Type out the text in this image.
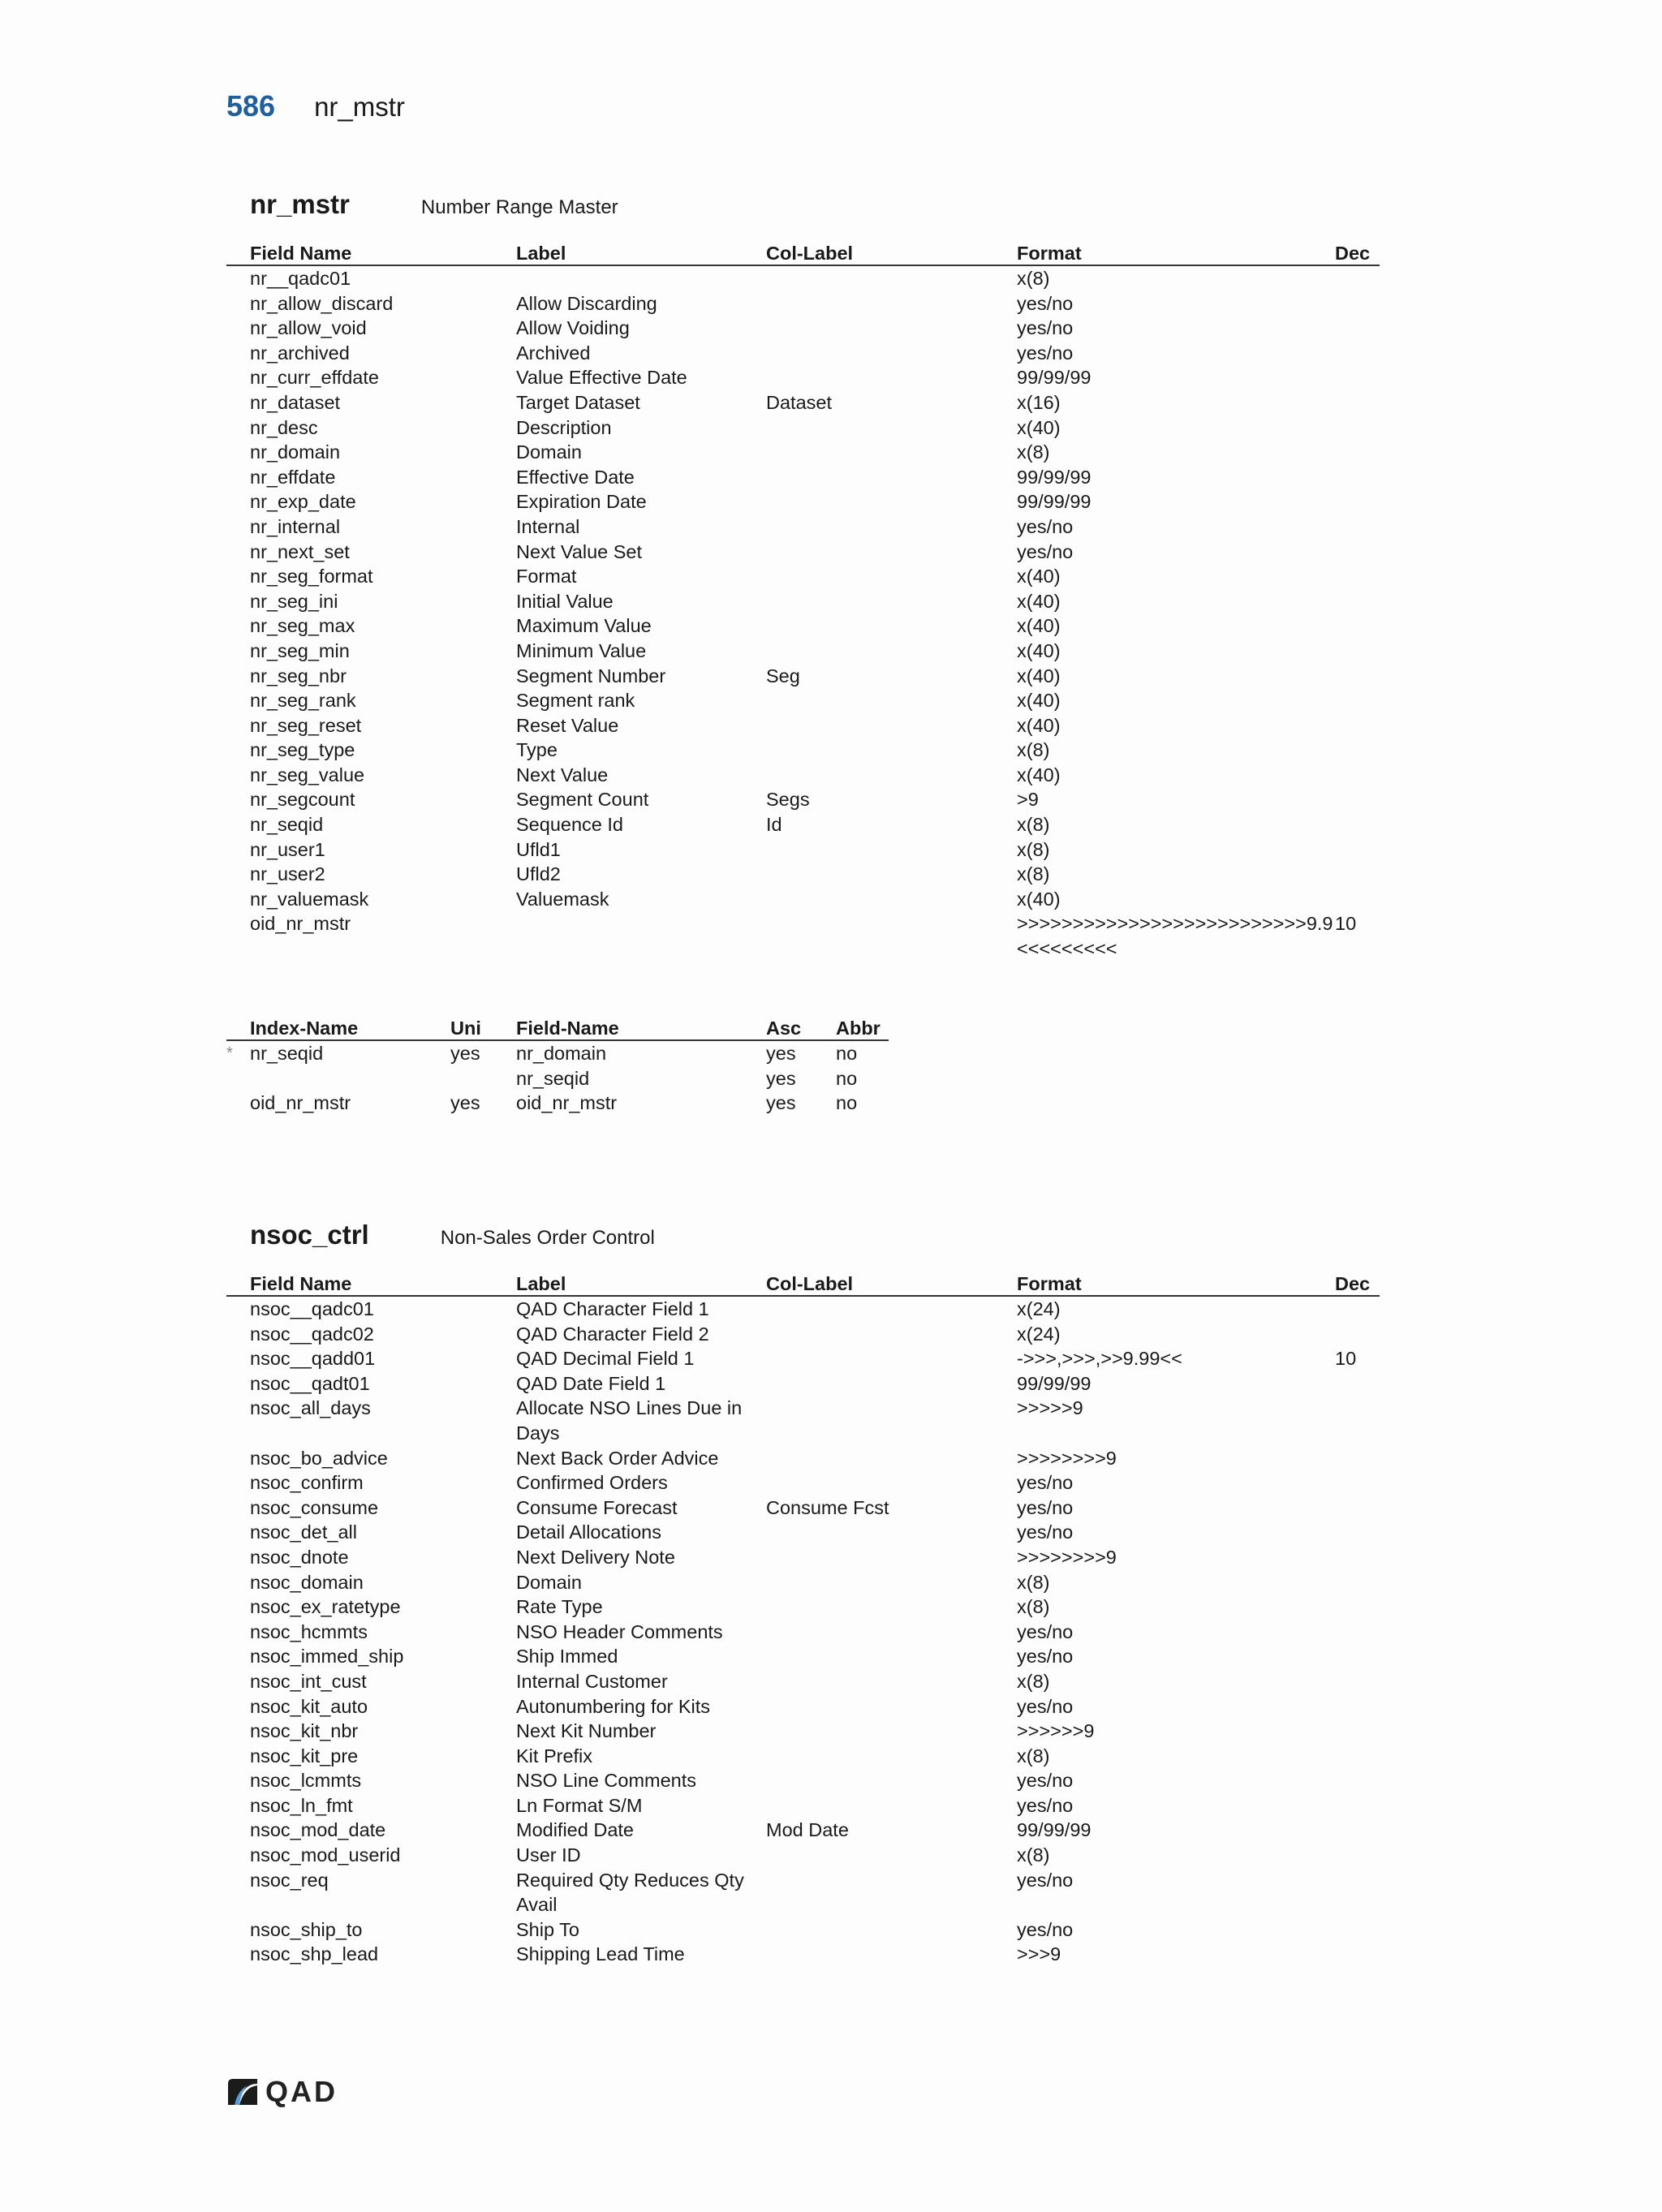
586 nr_mstr
nr_mstr	Number Range Master
	Field Name	Label	Col-Label	Format	Dec
	nr__qadc01			x(8)	
	nr_allow_discard	Allow Discarding		yes/no	
	nr_allow_void	Allow Voiding		yes/no	
	nr_archived	Archived		yes/no	
	nr_curr_effdate	Value Effective Date		99/99/99	
	nr_dataset	Target Dataset	Dataset	x(16)	
	nr_desc	Description		x(40)	
	nr_domain	Domain		x(8)	
	nr_effdate	Effective Date		99/99/99	
	nr_exp_date	Expiration Date		99/99/99	
	nr_internal	Internal		yes/no	
	nr_next_set	Next Value Set		yes/no	
	nr_seg_format	Format		x(40)	
	nr_seg_ini	Initial Value		x(40)	
	nr_seg_max	Maximum Value		x(40)	
	nr_seg_min	Minimum Value		x(40)	
	nr_seg_nbr	Segment Number	Seg	x(40)	
	nr_seg_rank	Segment rank		x(40)	
	nr_seg_reset	Reset Value		x(40)	
	nr_seg_type	Type		x(8)	
	nr_seg_value	Next Value		x(40)	
	nr_segcount	Segment Count	Segs	>9	
	nr_seqid	Sequence Id	Id	x(8)	
	nr_user1	Ufld1		x(8)	
	nr_user2	Ufld2		x(8)	
	nr_valuemask	Valuemask		x(40)	
	oid_nr_mstr			>>>>>>>>>>>>>>>>>>>>>>>>>>9.9<<<<<<<<<	10
	Index-Name	Uni	Field-Name	Asc	Abbr
*	nr_seqid	yes	nr_domain	yes	no
			nr_seqid	yes	no
	oid_nr_mstr	yes	oid_nr_mstr	yes	no
nsoc_ctrl	Non-Sales Order Control
	Field Name	Label	Col-Label	Format	Dec
	nsoc__qadc01	QAD Character Field 1		x(24)	
	nsoc__qadc02	QAD Character Field 2		x(24)	
	nsoc__qadd01	QAD Decimal Field 1		->>>,>>>,>>9.99<<	10
	nsoc__qadt01	QAD Date Field 1		99/99/99	
	nsoc_all_days	Allocate NSO Lines Due in Days		>>>>>9	
	nsoc_bo_advice	Next Back Order Advice		>>>>>>>>9	
	nsoc_confirm	Confirmed Orders		yes/no	
	nsoc_consume	Consume Forecast	Consume Fcst	yes/no	
	nsoc_det_all	Detail Allocations		yes/no	
	nsoc_dnote	Next Delivery Note		>>>>>>>>9	
	nsoc_domain	Domain		x(8)	
	nsoc_ex_ratetype	Rate Type		x(8)	
	nsoc_hcmmts	NSO Header Comments		yes/no	
	nsoc_immed_ship	Ship Immed		yes/no	
	nsoc_int_cust	Internal Customer		x(8)	
	nsoc_kit_auto	Autonumbering for Kits		yes/no	
	nsoc_kit_nbr	Next Kit Number		>>>>>>9	
	nsoc_kit_pre	Kit Prefix		x(8)	
	nsoc_lcmmts	NSO Line Comments		yes/no	
	nsoc_ln_fmt	Ln Format S/M		yes/no	
	nsoc_mod_date	Modified Date	Mod Date	99/99/99	
	nsoc_mod_userid	User ID		x(8)	
	nsoc_req	Required Qty Reduces Qty Avail		yes/no	
	nsoc_ship_to	Ship To		yes/no	
	nsoc_shp_lead	Shipping Lead Time		>>>9	
QAD
